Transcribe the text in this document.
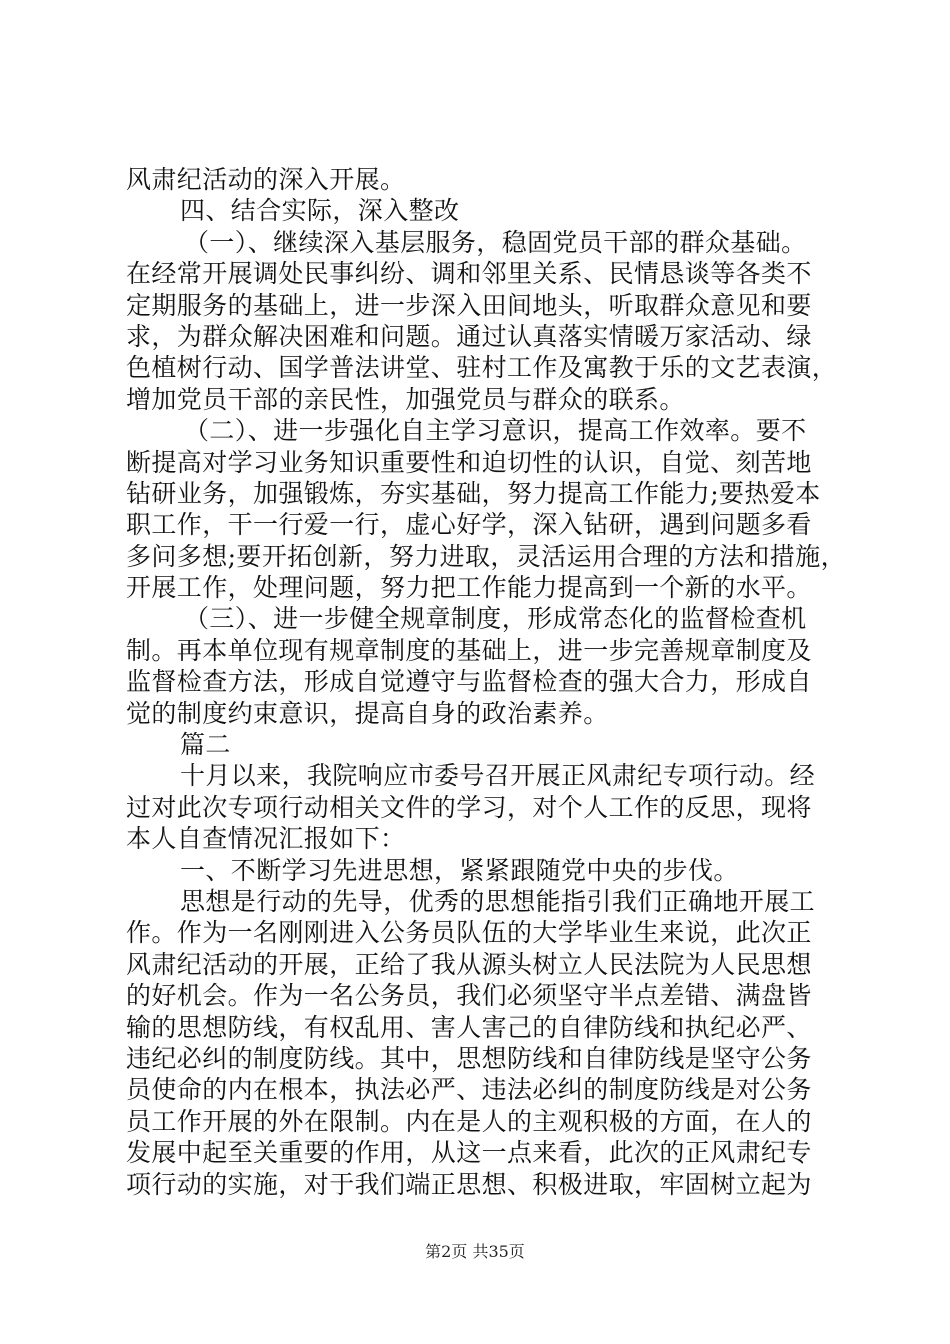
风肃纪活动的深入开展。
四、结合实际，深入整改
（一）、继续深入基层服务，稳固党员干部的群众基础。
在经常开展调处民事纠纷、调和邻里关系、民情恳谈等各类不
定期服务的基础上，进一步深入田间地头，听取群众意见和要
求，为群众解决困难和问题。通过认真落实情暖万家活动、绿
色植树行动、国学普法讲堂、驻村工作及寓教于乐的文艺表演，
增加党员干部的亲民性，加强党员与群众的联系。
（二）、进一步强化自主学习意识，提高工作效率。要不
断提高对学习业务知识重要性和迫切性的认识，自觉、刻苦地
钻研业务，加强锻炼，夯实基础，努力提高工作能力;要热爱本
职工作，干一行爱一行，虚心好学，深入钻研，遇到问题多看
多问多想;要开拓创新，努力进取，灵活运用合理的方法和措施，
开展工作，处理问题，努力把工作能力提高到一个新的水平。
（三）、进一步健全规章制度，形成常态化的监督检查机
制。再本单位现有规章制度的基础上，进一步完善规章制度及
监督检查方法，形成自觉遵守与监督检查的强大合力，形成自
觉的制度约束意识，提高自身的政治素养。
篇二
十月以来，我院响应市委号召开展正风肃纪专项行动。经
过对此次专项行动相关文件的学习，对个人工作的反思，现将
本人自查情况汇报如下：
一、不断学习先进思想，紧紧跟随党中央的步伐。
思想是行动的先导，优秀的思想能指引我们正确地开展工
作。作为一名刚刚进入公务员队伍的大学毕业生来说，此次正
风肃纪活动的开展，正给了我从源头树立人民法院为人民思想
的好机会。作为一名公务员，我们必须坚守半点差错、满盘皆
输的思想防线，有权乱用、害人害己的自律防线和执纪必严、
违纪必纠的制度防线。其中，思想防线和自律防线是坚守公务
员使命的内在根本，执法必严、违法必纠的制度防线是对公务
员工作开展的外在限制。内在是人的主观积极的方面，在人的
发展中起至关重要的作用，从这一点来看，此次的正风肃纪专
项行动的实施，对于我们端正思想、积极进取，牢固树立起为
第2页 共35页
